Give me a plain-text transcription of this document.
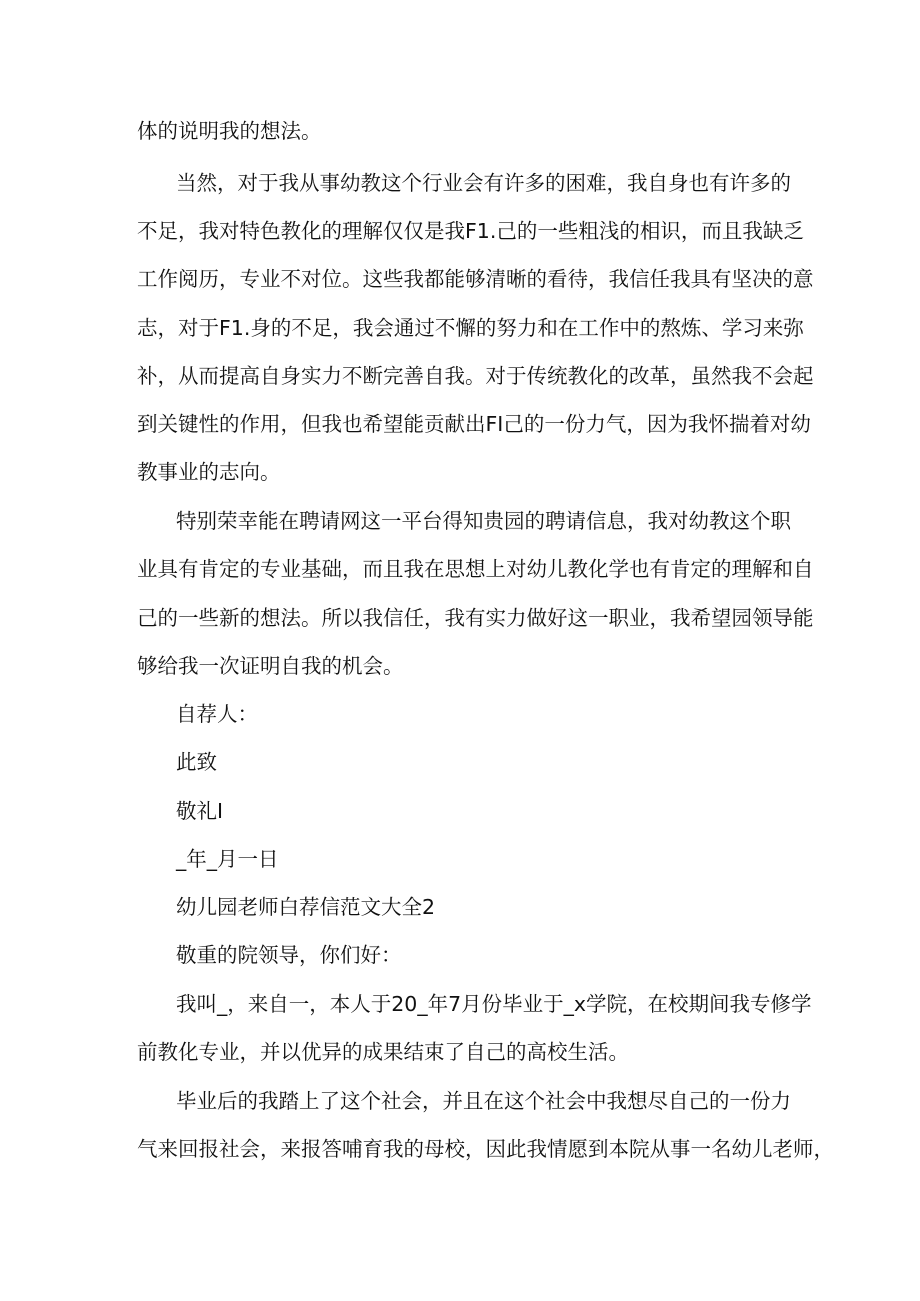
体的说明我的想法。

当然，对于我从事幼教这个行业会有许多的困难，我自身也有许多的

不足，我对特色教化的理解仅仅是我F1.己的一些粗浅的相识，而且我缺乏

工作阅历，专业不对位。这些我都能够清晰的看待，我信任我具有坚决的意

志，对于F1.身的不足，我会通过不懈的努力和在工作中的熬炼、学习来弥

补，从而提高自身实力不断完善自我。对于传统教化的改革，虽然我不会起

到关键性的作用，但我也希望能贡献出FI己的一份力气，因为我怀揣着对幼

教事业的志向。

特别荣幸能在聘请网这一平台得知贵园的聘请信息，我对幼教这个职

业具有肯定的专业基础，而且我在思想上对幼儿教化学也有肯定的理解和自

己的一些新的想法。所以我信任，我有实力做好这一职业，我希望园领导能

够给我一次证明自我的机会。

自荐人：

此致

敬礼I

_年_月一日

幼儿园老师白荐信范文大全2

敬重的院领导，你们好：

我叫_，来自一，本人于20_年7月份毕业于_x学院，在校期间我专修学

前教化专业，并以优异的成果结束了自己的高校生活。

毕业后的我踏上了这个社会，并且在这个社会中我想尽自己的一份力

气来回报社会，来报答哺育我的母校，因此我情愿到本院从事一名幼儿老师，
